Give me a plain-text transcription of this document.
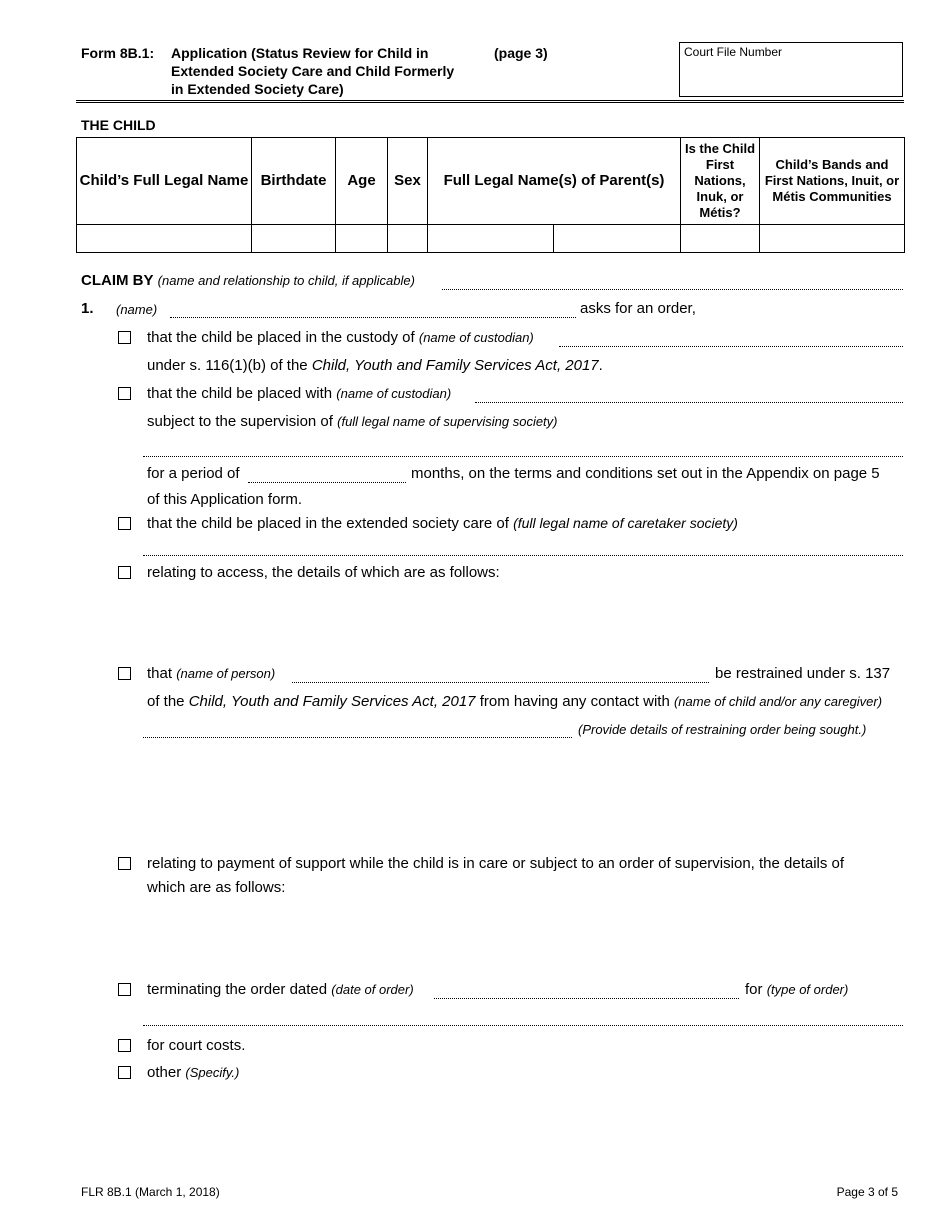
Form 8B.1: Application (Status Review for Child in
Extended Society Care and Child Formerly
in Extended Society Care)
(page 3)	Court File Number
THE CHILD
Child’s Full Legal Name	Birthdate	Age	Sex	Full Legal Name(s) of Parent(s)		Is the Child First Nations, Inuk, or Métis?	Child’s Bands and First Nations, Inuit, or Métis Communities

CLAIM BY (name and relationship to child, if applicable)
1. (name)	asks for an order,
that the child be placed in the custody of (name of custodian)
under s. 116(1)(b) of the Child, Youth and Family Services Act, 2017.
that the child be placed with (name of custodian)
subject to the supervision of (full legal name of supervising society)
for a period of	months, on the terms and conditions set out in the Appendix on page 5
of this Application form.
that the child be placed in the extended society care of (full legal name of caretaker society)
relating to access, the details of which are as follows:
that (name of person)	be restrained under s. 137
of the Child, Youth and Family Services Act, 2017 from having any contact with (name of child and/or any caregiver)
(Provide details of restraining order being sought.)
relating to payment of support while the child is in care or subject to an order of supervision, the details of
which are as follows:
terminating the order dated (date of order)	for (type of order)
for court costs.
other (Specify.)
FLR 8B.1 (March 1, 2018)	Page 3 of 5
